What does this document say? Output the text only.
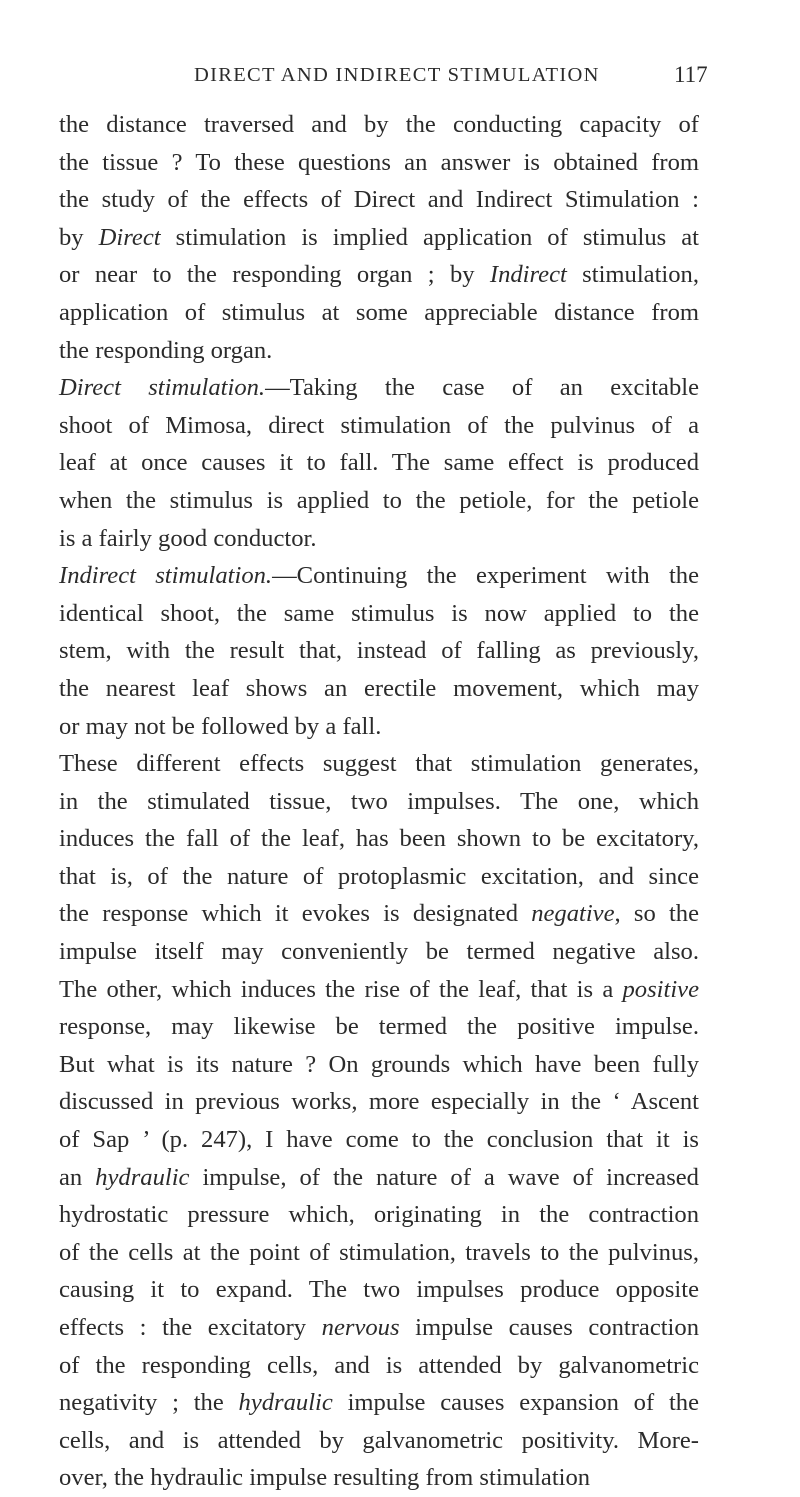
DIRECT AND INDIRECT STIMULATION	117
the distance traversed and by the conducting capacity of
the tissue ? To these questions an answer is obtained from
the study of the effects of Direct and Indirect Stimulation :
by Direct stimulation is implied application of stimulus at
or near to the responding organ ; by Indirect stimulation,
application of stimulus at some appreciable distance from
the responding organ.
Direct stimulation.—Taking the case of an excitable
shoot of Mimosa, direct stimulation of the pulvinus of a
leaf at once causes it to fall. The same effect is produced
when the stimulus is applied to the petiole, for the petiole
is a fairly good conductor.
Indirect stimulation.—Continuing the experiment with the
identical shoot, the same stimulus is now applied to the
stem, with the result that, instead of falling as previously,
the nearest leaf shows an erectile movement, which may
or may not be followed by a fall.
These different effects suggest that stimulation generates,
in the stimulated tissue, two impulses. The one, which
induces the fall of the leaf, has been shown to be excitatory,
that is, of the nature of protoplasmic excitation, and since
the response which it evokes is designated negative, so the
impulse itself may conveniently be termed negative also.
The other, which induces the rise of the leaf, that is a positive
response, may likewise be termed the positive impulse.
But what is its nature ? On grounds which have been fully
discussed in previous works, more especially in the ‘ Ascent
of Sap ’ (p. 247), I have come to the conclusion that it is
an hydraulic impulse, of the nature of a wave of increased
hydrostatic pressure which, originating in the contraction
of the cells at the point of stimulation, travels to the pulvinus,
causing it to expand. The two impulses produce opposite
effects : the excitatory nervous impulse causes contraction
of the responding cells, and is attended by galvanometric
negativity ; the hydraulic impulse causes expansion of the
cells, and is attended by galvanometric positivity. More-
over, the hydraulic impulse resulting from stimulation
